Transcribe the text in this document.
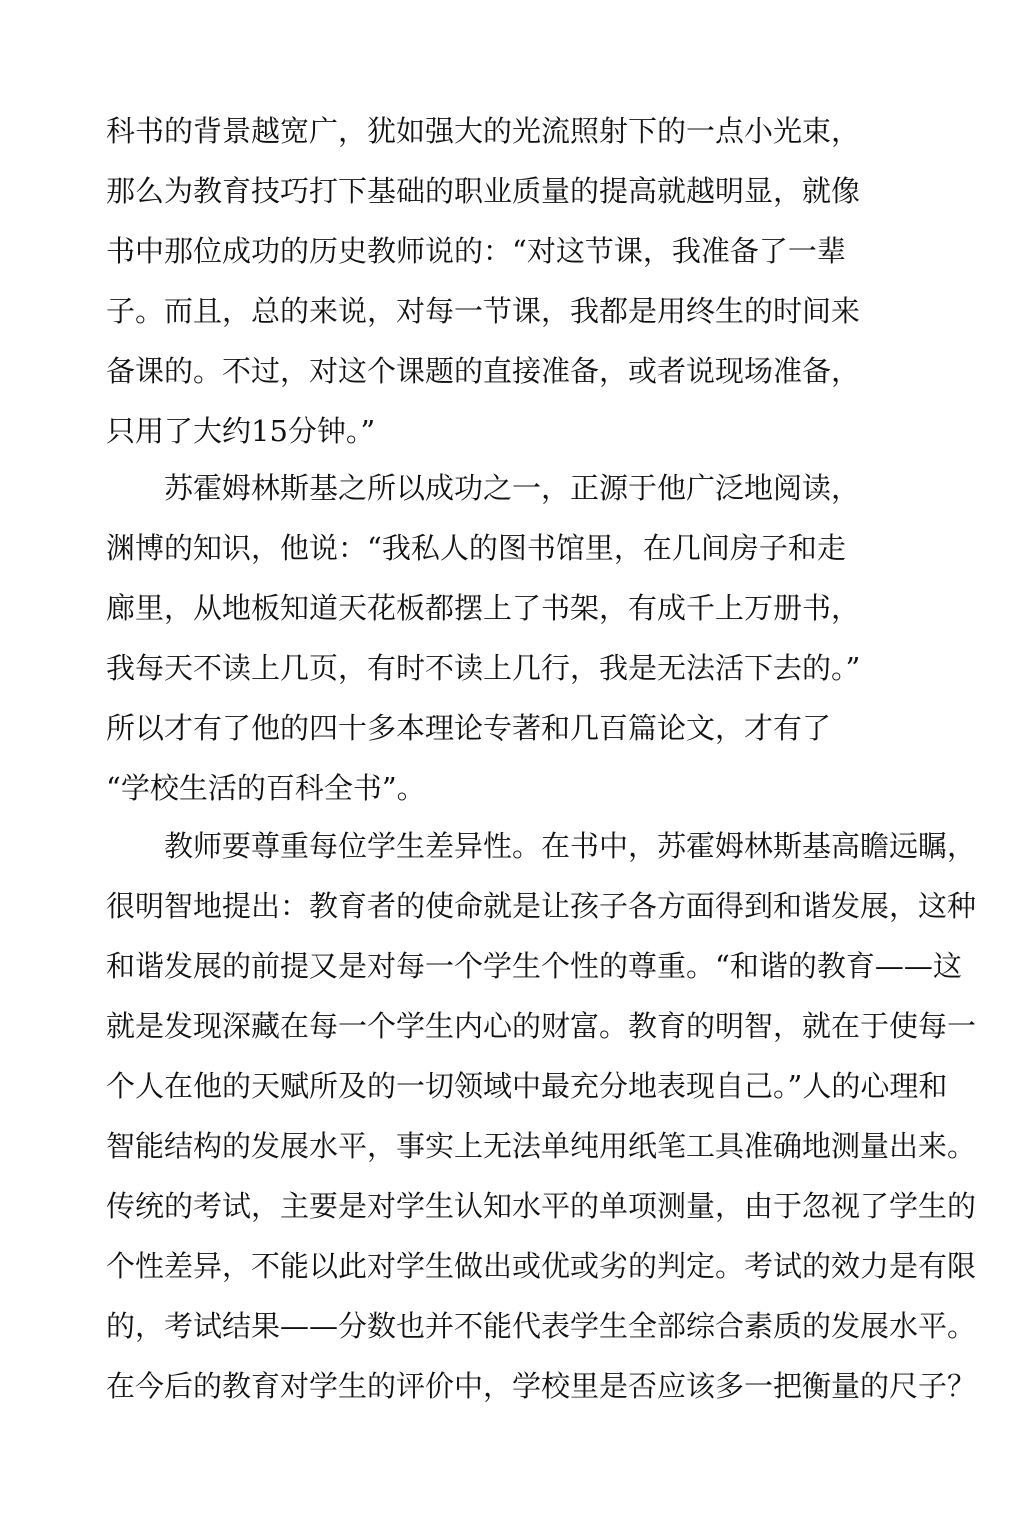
科书的背景越宽广，犹如强大的光流照射下的一点小光束，
那么为教育技巧打下基础的职业质量的提高就越明显，就像
书中那位成功的历史教师说的：“对这节课，我准备了一辈
子。而且，总的来说，对每一节课，我都是用终生的时间来
备课的。不过，对这个课题的直接准备，或者说现场准备，
只用了大约15分钟。”
苏霍姆林斯基之所以成功之一，正源于他广泛地阅读，
渊博的知识，他说：“我私人的图书馆里，在几间房子和走
廊里，从地板知道天花板都摆上了书架，有成千上万册书，
我每天不读上几页，有时不读上几行，我是无法活下去的。”
所以才有了他的四十多本理论专著和几百篇论文，才有了
“学校生活的百科全书”。
教师要尊重每位学生差异性。在书中，苏霍姆林斯基高瞻远瞩，
很明智地提出：教育者的使命就是让孩子各方面得到和谐发展，这种
和谐发展的前提又是对每一个学生个性的尊重。“和谐的教育——这
就是发现深藏在每一个学生内心的财富。教育的明智，就在于使每一
个人在他的天赋所及的一切领域中最充分地表现自己。”人的心理和
智能结构的发展水平，事实上无法单纯用纸笔工具准确地测量出来。
传统的考试，主要是对学生认知水平的单项测量，由于忽视了学生的
个性差异，不能以此对学生做出或优或劣的判定。考试的效力是有限
的，考试结果——分数也并不能代表学生全部综合素质的发展水平。
在今后的教育对学生的评价中，学校里是否应该多一把衡量的尺子？
